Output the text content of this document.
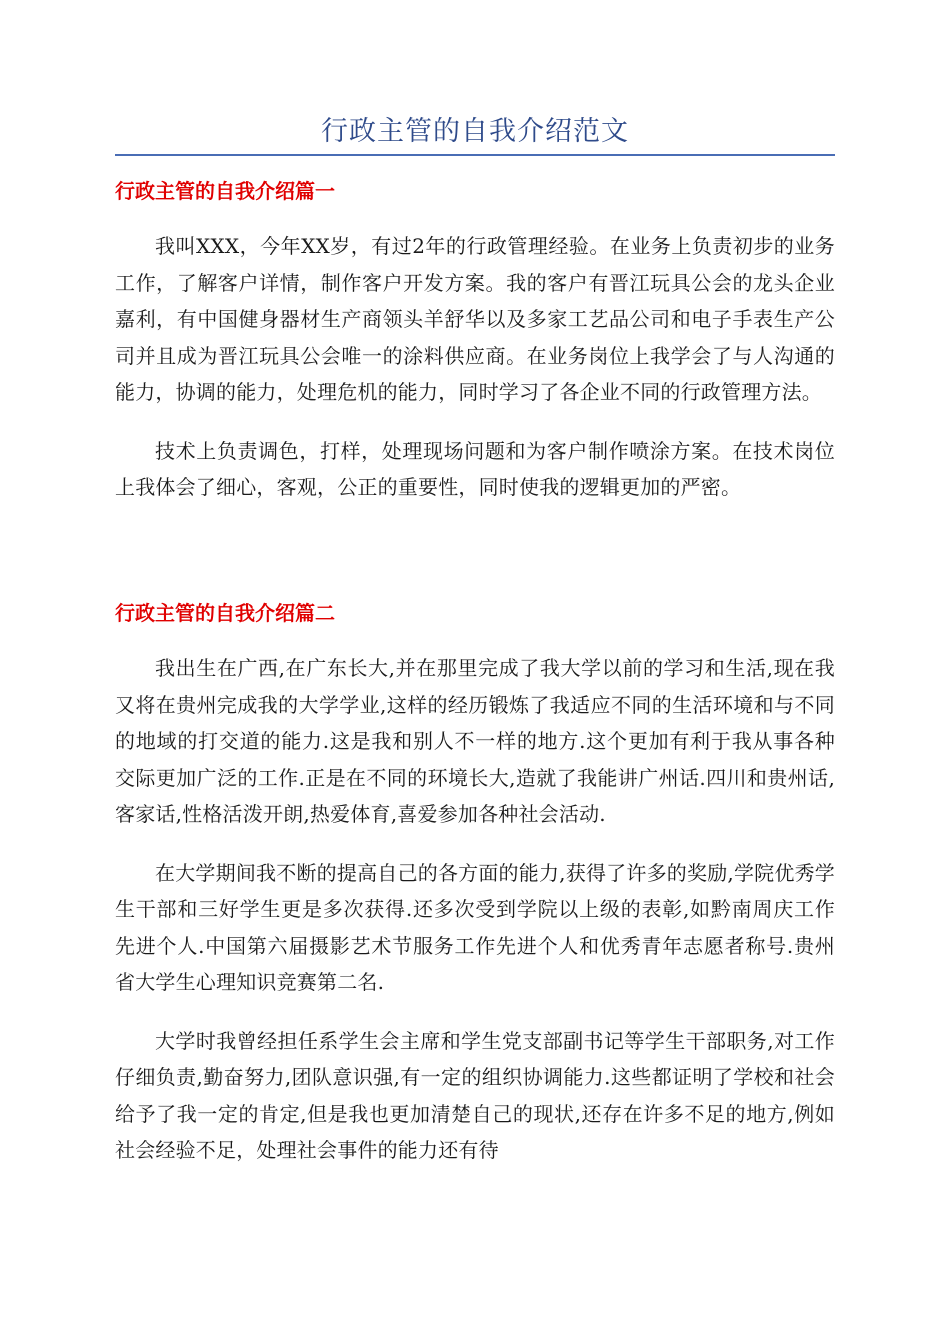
行政主管的自我介绍范文
行政主管的自我介绍篇一

我叫XXX，今年XX岁，有过2年的行政管理经验。在业务上负责初步的业务工作，了解客户详情，制作客户开发方案。我的客户有晋江玩具公会的龙头企业嘉利，有中国健身器材生产商领头羊舒华以及多家工艺品公司和电子手表生产公司并且成为晋江玩具公会唯一的涂料供应商。在业务岗位上我学会了与人沟通的能力，协调的能力，处理危机的能力，同时学习了各企业不同的行政管理方法。

技术上负责调色，打样，处理现场问题和为客户制作喷涂方案。在技术岗位上我体会了细心，客观，公正的重要性，同时使我的逻辑更加的严密。

行政主管的自我介绍篇二

我出生在广西,在广东长大,并在那里完成了我大学以前的学习和生活,现在我又将在贵州完成我的大学学业,这样的经历锻炼了我适应不同的生活环境和与不同的地域的打交道的能力.这是我和别人不一样的地方.这个更加有利于我从事各种交际更加广泛的工作.正是在不同的环境长大,造就了我能讲广州话.四川和贵州话,客家话,性格活泼开朗,热爱体育,喜爱参加各种社会活动.

在大学期间我不断的提高自己的各方面的能力,获得了许多的奖励,学院优秀学生干部和三好学生更是多次获得.还多次受到学院以上级的表彰,如黔南周庆工作先进个人.中国第六届摄影艺术节服务工作先进个人和优秀青年志愿者称号.贵州省大学生心理知识竞赛第二名.

大学时我曾经担任系学生会主席和学生党支部副书记等学生干部职务,对工作仔细负责,勤奋努力,团队意识强,有一定的组织协调能力.这些都证明了学校和社会给予了我一定的肯定,但是我也更加清楚自己的现状,还存在许多不足的地方,例如社会经验不足，处理社会事件的能力还有待
